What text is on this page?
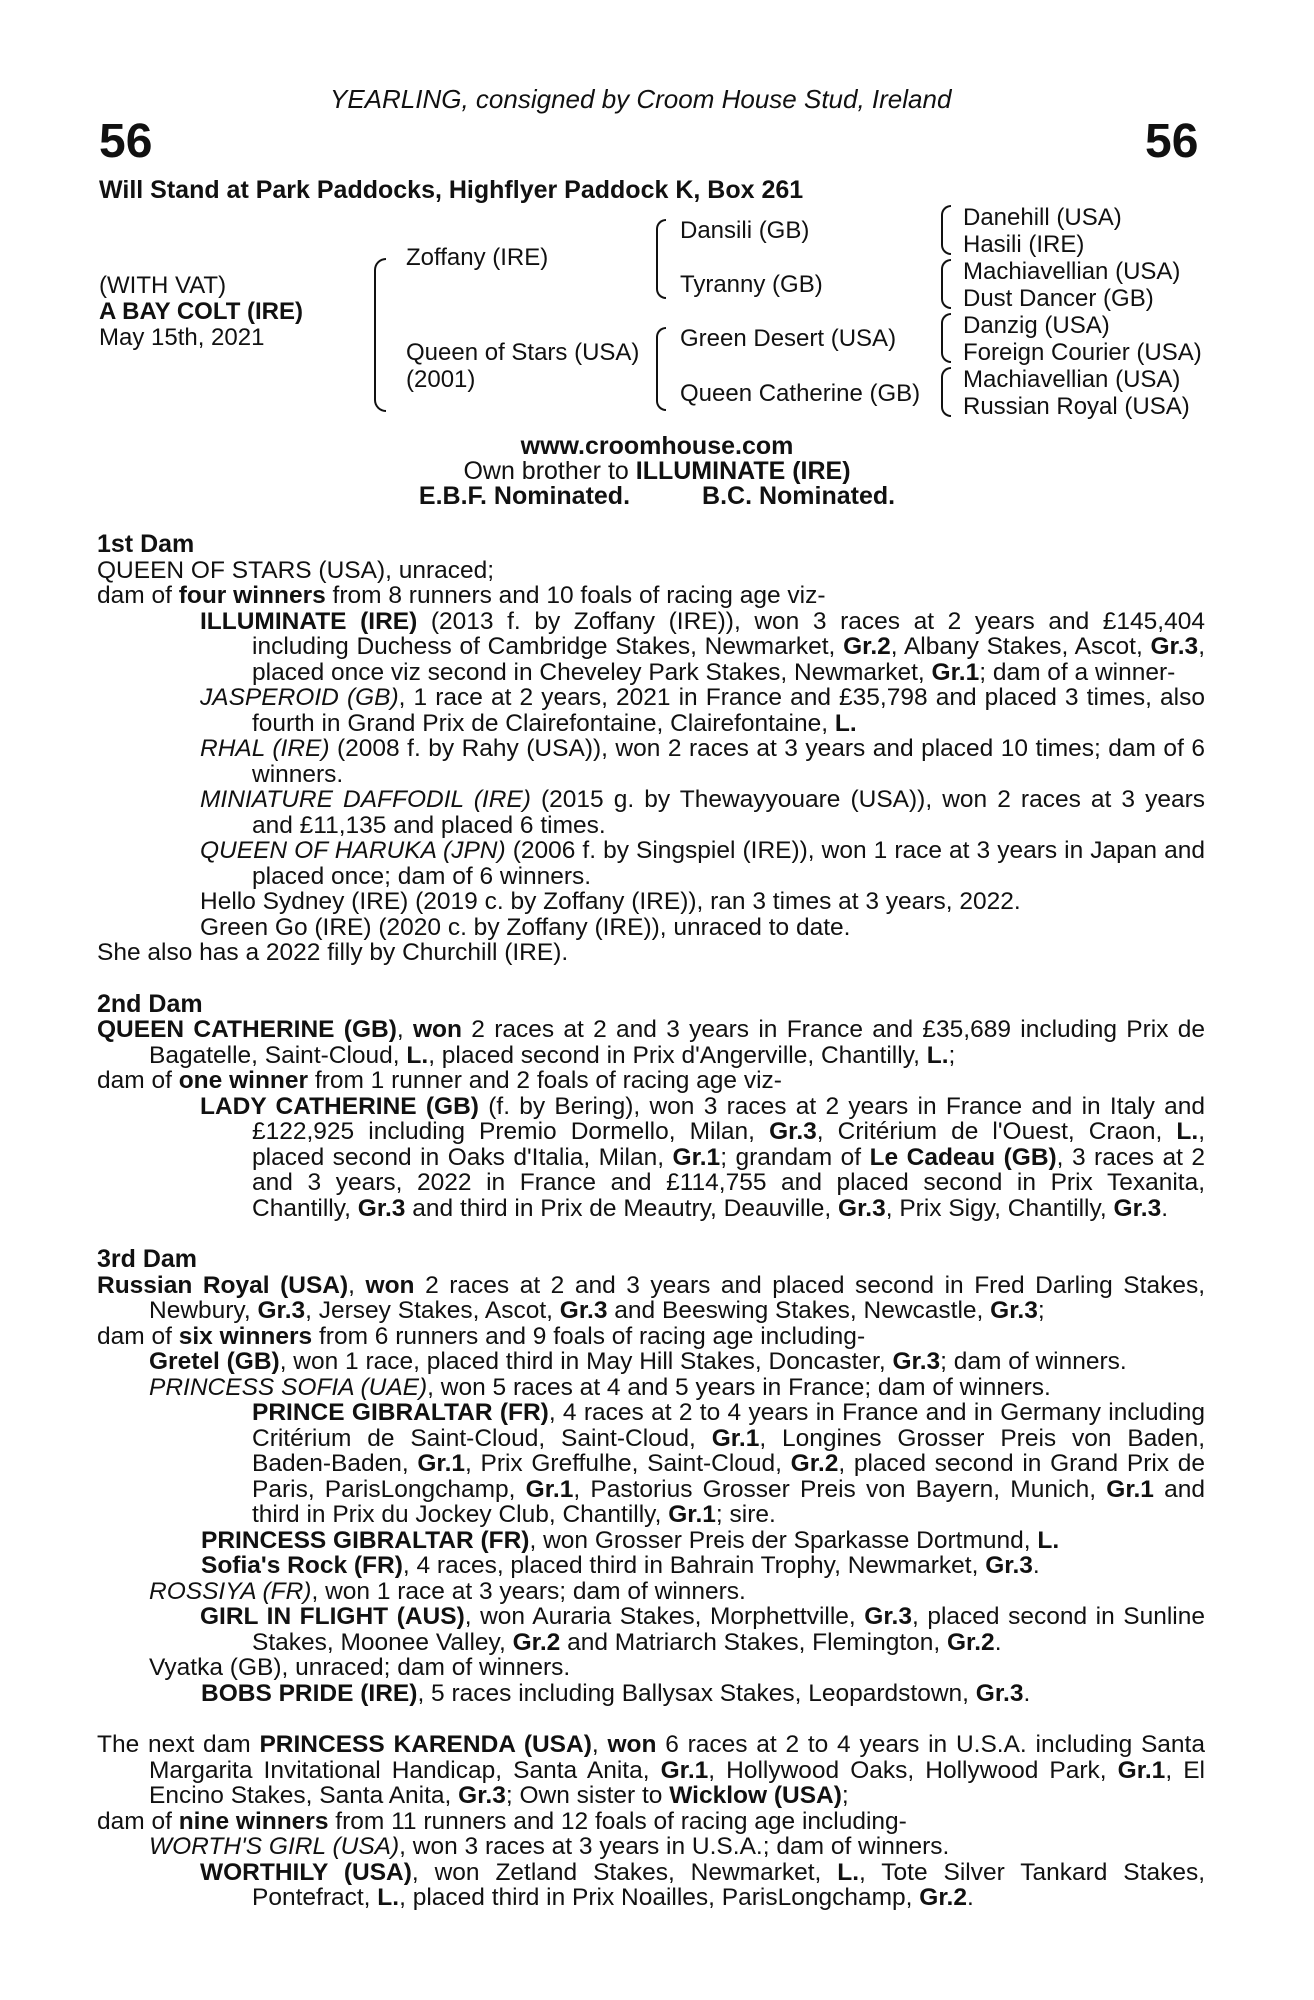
YEARLING, consigned by Croom House Stud, Ireland
56	56
Will Stand at Park Paddocks, Highflyer Paddock K, Box 261
(WITH VAT)
A BAY COLT (IRE)
May 15th, 2021
Zoffany (IRE)
Queen of Stars (USA)
(2001)
Dansili (GB)
Tyranny (GB)
Green Desert (USA)
Queen Catherine (GB)
Danehill (USA)
Hasili (IRE)
Machiavellian (USA)
Dust Dancer (GB)
Danzig (USA)
Foreign Courier (USA)
Machiavellian (USA)
Russian Royal (USA)
www.croomhouse.com
Own brother to ILLUMINATE (IRE)
E.B.F. Nominated.	B.C. Nominated.
1st Dam
QUEEN OF STARS (USA), unraced;
dam of four winners from 8 runners and 10 foals of racing age viz-
ILLUMINATE (IRE) (2013 f. by Zoffany (IRE)), won 3 races at 2 years and £145,404 including Duchess of Cambridge Stakes, Newmarket, Gr.2, Albany Stakes, Ascot, Gr.3, placed once viz second in Cheveley Park Stakes, Newmarket, Gr.1; dam of a winner-
JASPEROID (GB), 1 race at 2 years, 2021 in France and £35,798 and placed 3 times, also fourth in Grand Prix de Clairefontaine, Clairefontaine, L.
RHAL (IRE) (2008 f. by Rahy (USA)), won 2 races at 3 years and placed 10 times; dam of 6 winners.
MINIATURE DAFFODIL (IRE) (2015 g. by Thewayyouare (USA)), won 2 races at 3 years and £11,135 and placed 6 times.
QUEEN OF HARUKA (JPN) (2006 f. by Singspiel (IRE)), won 1 race at 3 years in Japan and placed once; dam of 6 winners.
Hello Sydney (IRE) (2019 c. by Zoffany (IRE)), ran 3 times at 3 years, 2022.
Green Go (IRE) (2020 c. by Zoffany (IRE)), unraced to date.
She also has a 2022 filly by Churchill (IRE).
2nd Dam
QUEEN CATHERINE (GB), won 2 races at 2 and 3 years in France and £35,689 including Prix de Bagatelle, Saint-Cloud, L., placed second in Prix d'Angerville, Chantilly, L.;
dam of one winner from 1 runner and 2 foals of racing age viz-
LADY CATHERINE (GB) (f. by Bering), won 3 races at 2 years in France and in Italy and £122,925 including Premio Dormello, Milan, Gr.3, Critérium de l'Ouest, Craon, L., placed second in Oaks d'Italia, Milan, Gr.1; grandam of Le Cadeau (GB), 3 races at 2 and 3 years, 2022 in France and £114,755 and placed second in Prix Texanita, Chantilly, Gr.3 and third in Prix de Meautry, Deauville, Gr.3, Prix Sigy, Chantilly, Gr.3.
3rd Dam
Russian Royal (USA), won 2 races at 2 and 3 years and placed second in Fred Darling Stakes, Newbury, Gr.3, Jersey Stakes, Ascot, Gr.3 and Beeswing Stakes, Newcastle, Gr.3;
dam of six winners from 6 runners and 9 foals of racing age including-
Gretel (GB), won 1 race, placed third in May Hill Stakes, Doncaster, Gr.3; dam of winners.
PRINCESS SOFIA (UAE), won 5 races at 4 and 5 years in France; dam of winners.
PRINCE GIBRALTAR (FR), 4 races at 2 to 4 years in France and in Germany including Critérium de Saint-Cloud, Saint-Cloud, Gr.1, Longines Grosser Preis von Baden, Baden-Baden, Gr.1, Prix Greffulhe, Saint-Cloud, Gr.2, placed second in Grand Prix de Paris, ParisLongchamp, Gr.1, Pastorius Grosser Preis von Bayern, Munich, Gr.1 and third in Prix du Jockey Club, Chantilly, Gr.1; sire.
PRINCESS GIBRALTAR (FR), won Grosser Preis der Sparkasse Dortmund, L.
Sofia's Rock (FR), 4 races, placed third in Bahrain Trophy, Newmarket, Gr.3.
ROSSIYA (FR), won 1 race at 3 years; dam of winners.
GIRL IN FLIGHT (AUS), won Auraria Stakes, Morphettville, Gr.3, placed second in Sunline Stakes, Moonee Valley, Gr.2 and Matriarch Stakes, Flemington, Gr.2.
Vyatka (GB), unraced; dam of winners.
BOBS PRIDE (IRE), 5 races including Ballysax Stakes, Leopardstown, Gr.3.
The next dam PRINCESS KARENDA (USA), won 6 races at 2 to 4 years in U.S.A. including Santa Margarita Invitational Handicap, Santa Anita, Gr.1, Hollywood Oaks, Hollywood Park, Gr.1, El Encino Stakes, Santa Anita, Gr.3; Own sister to Wicklow (USA);
dam of nine winners from 11 runners and 12 foals of racing age including-
WORTH'S GIRL (USA), won 3 races at 3 years in U.S.A.; dam of winners.
WORTHILY (USA), won Zetland Stakes, Newmarket, L., Tote Silver Tankard Stakes, Pontefract, L., placed third in Prix Noailles, ParisLongchamp, Gr.2.
